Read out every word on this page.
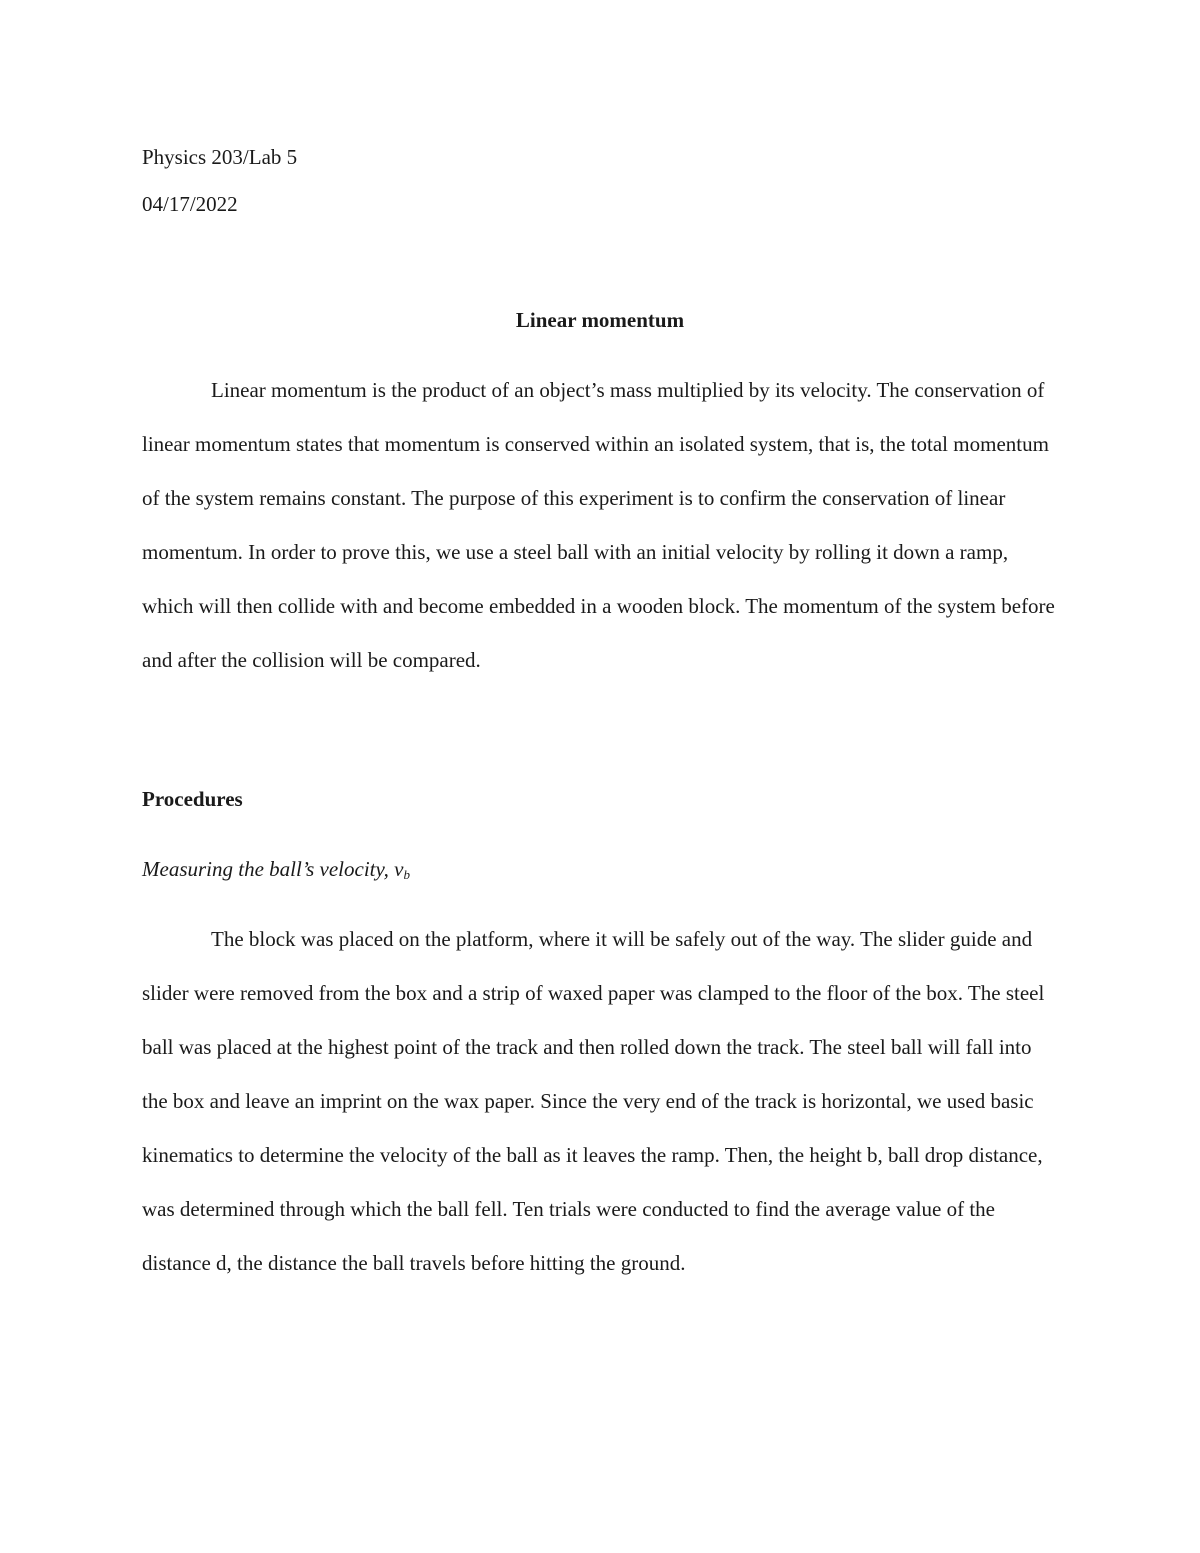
Physics 203/Lab 5
04/17/2022
Linear momentum

Linear momentum is the product of an object’s mass multiplied by its velocity. The conservation of linear momentum states that momentum is conserved within an isolated system, that is, the total momentum of the system remains constant. The purpose of this experiment is to confirm the conservation of linear momentum. In order to prove this, we use a steel ball with an initial velocity by rolling it down a ramp, which will then collide with and become embedded in a wooden block. The momentum of the system before and after the collision will be compared.

Procedures
Measuring the ball’s velocity, $v_b$

The block was placed on the platform, where it will be safely out of the way. The slider guide and slider were removed from the box and a strip of waxed paper was clamped to the floor of the box. The steel ball was placed at the highest point of the track and then rolled down the track. The steel ball will fall into the box and leave an imprint on the wax paper. Since the very end of the track is horizontal, we used basic kinematics to determine the velocity of the ball as it leaves the ramp. Then, the height b, ball drop distance, was determined through which the ball fell. Ten trials were conducted to find the average value of the distance d, the distance the ball travels before hitting the ground.
